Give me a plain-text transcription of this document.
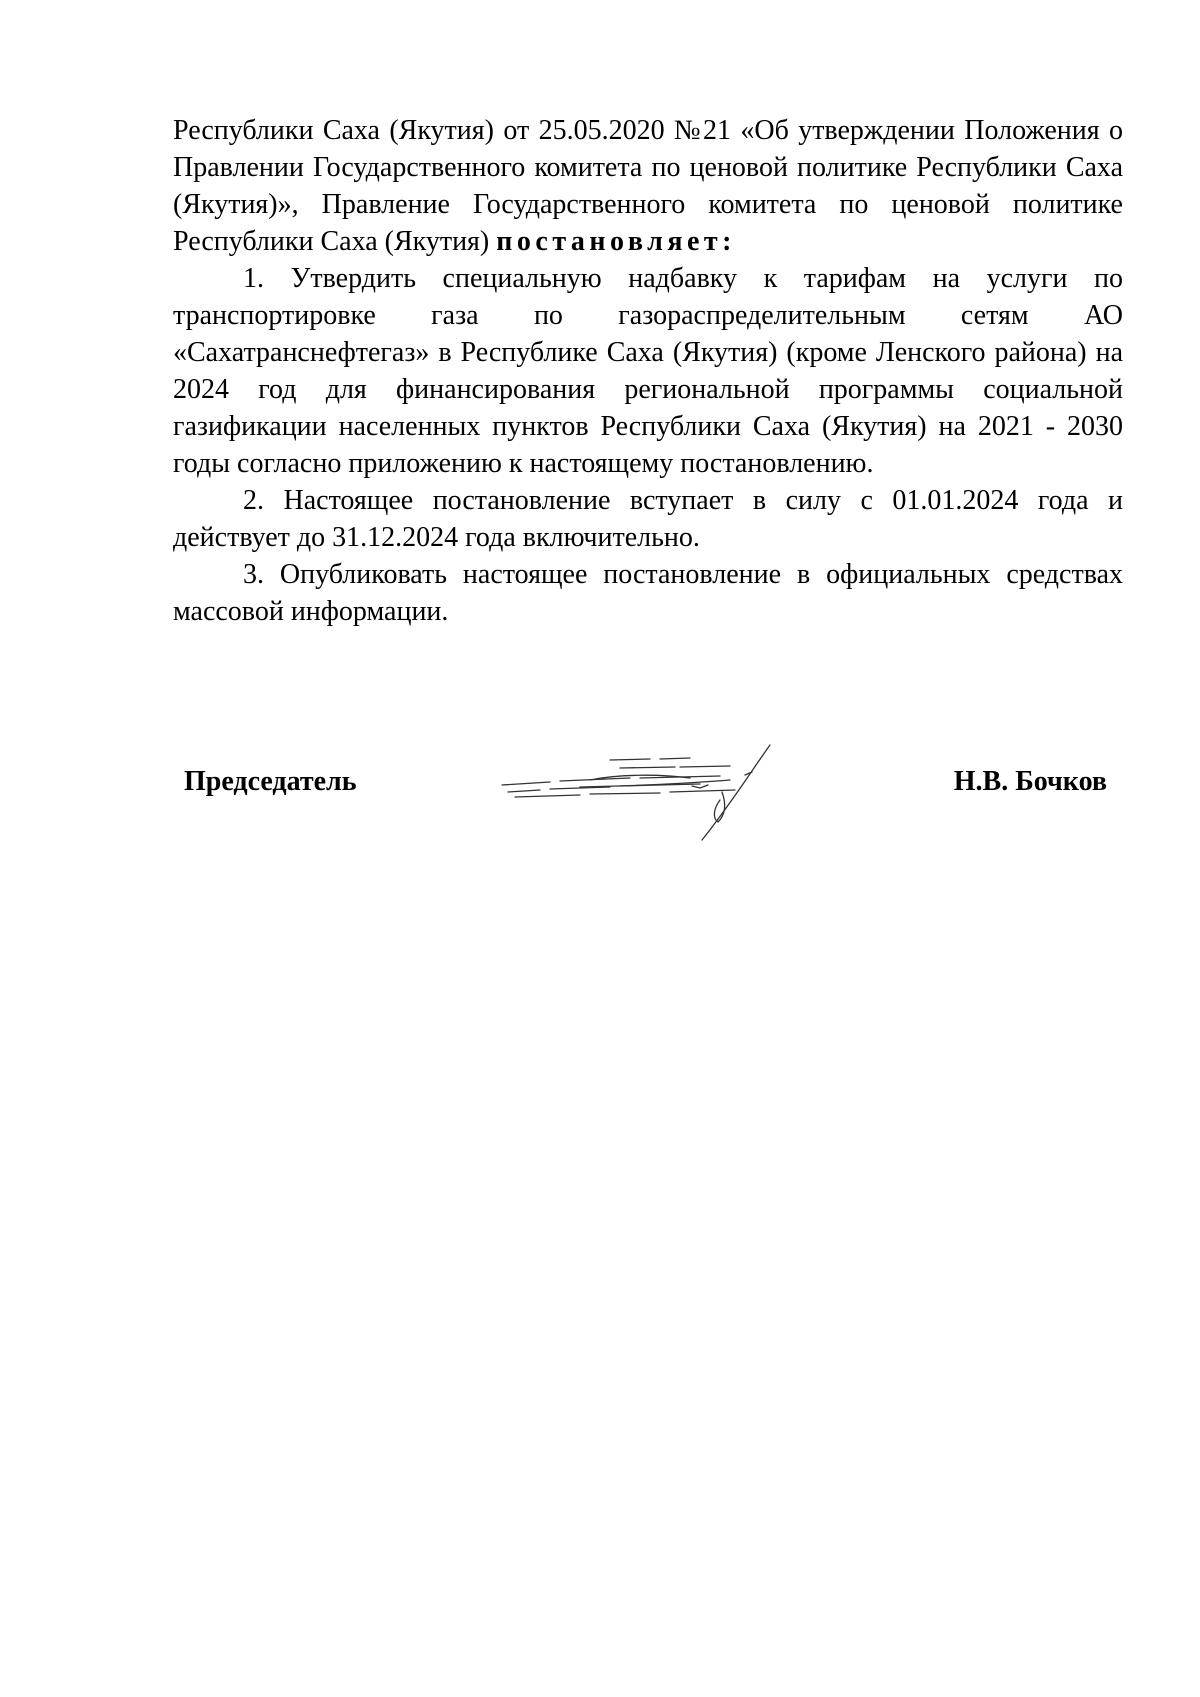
Республики Саха (Якутия) от 25.05.2020 №21 «Об утверждении Положения о Правлении Государственного комитета по ценовой политике Республики Саха (Якутия)», Правление Государственного комитета по ценовой политике Республики Саха (Якутия) постановляет:

1. Утвердить специальную надбавку к тарифам на услуги по транспортировке газа по газораспределительным сетям АО «Сахатранснефтегаз» в Республике Саха (Якутия) (кроме Ленского района) на 2024 год для финансирования региональной программы социальной газификации населенных пунктов Республики Саха (Якутия) на 2021 - 2030 годы согласно приложению к настоящему постановлению.

2. Настоящее постановление вступает в силу с 01.01.2024 года и действует до 31.12.2024 года включительно.

3. Опубликовать настоящее постановление в официальных средствах массовой информации.

Председатель	Н.В. Бочков
